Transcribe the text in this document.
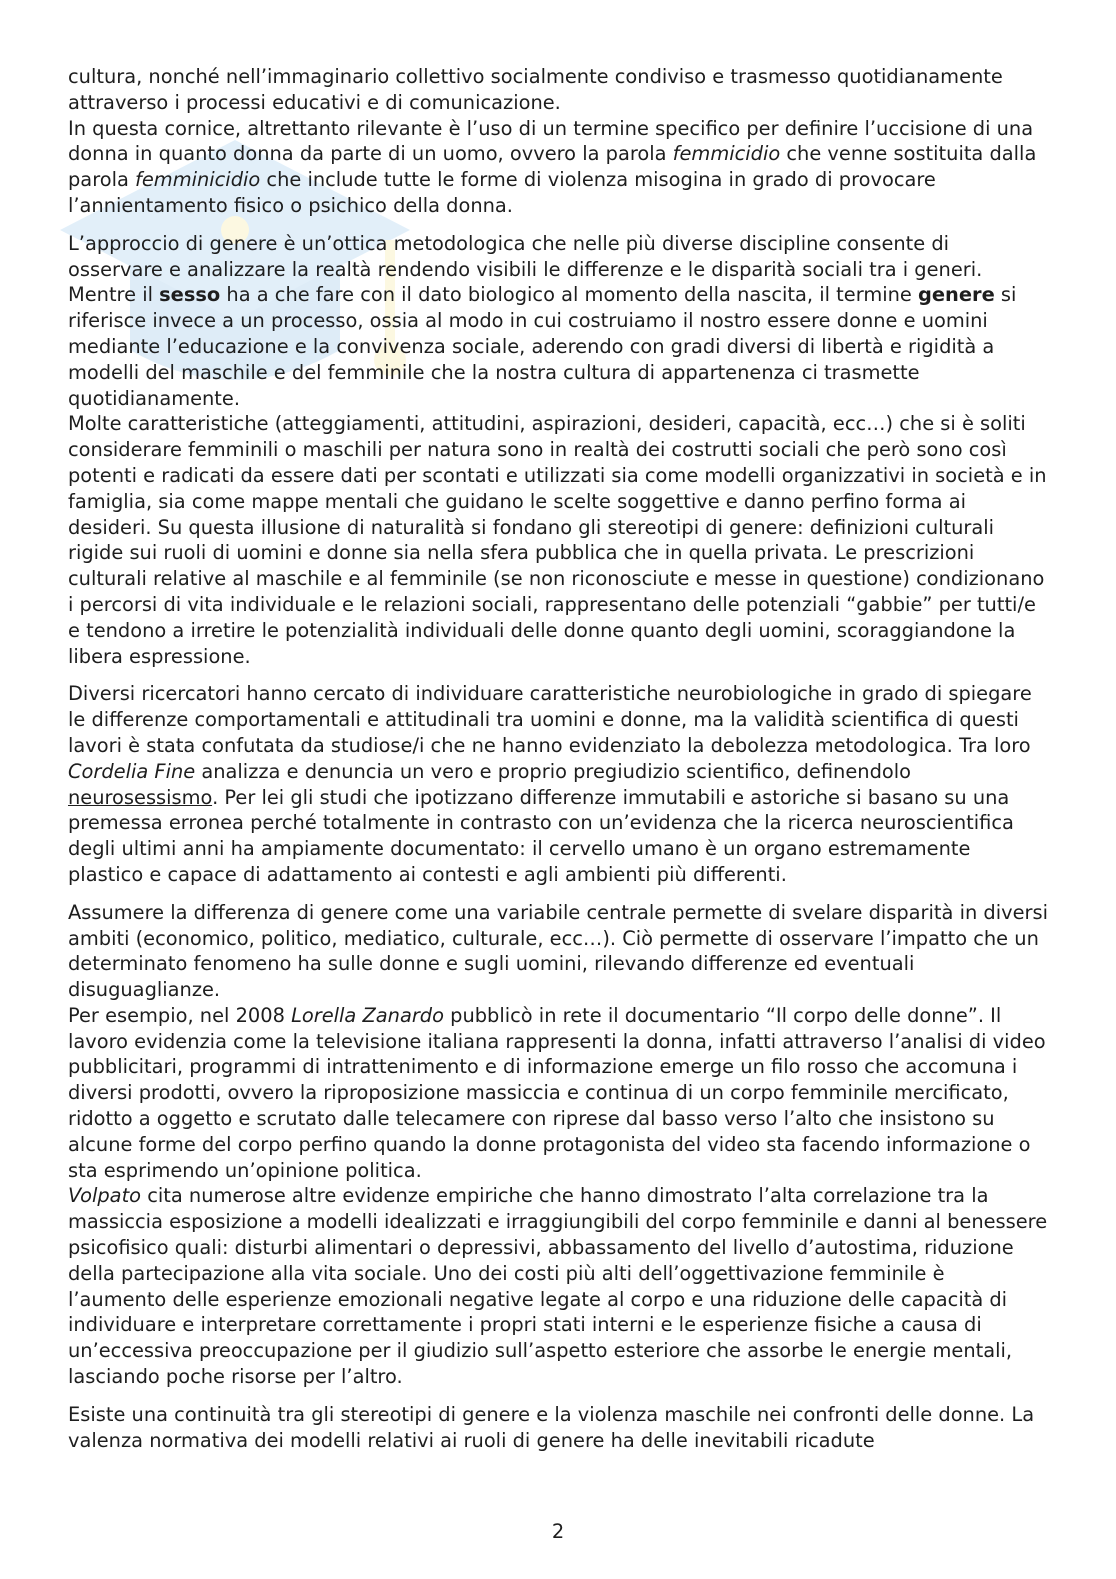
cultura, nonché nell’immaginario collettivo socialmente condiviso e trasmesso quotidianamente attraverso i processi educativi e di comunicazione.

In questa cornice, altrettanto rilevante è l’uso di un termine specifico per definire l’uccisione di una donna in quanto donna da parte di un uomo, ovvero la parola femmicidio che venne sostituita dalla parola femminicidio che include tutte le forme di violenza misogina in grado di provocare l’annientamento fisico o psichico della donna.

L’approccio di genere è un’ottica metodologica che nelle più diverse discipline consente di osservare e analizzare la realtà rendendo visibili le differenze e le disparità sociali tra i generi.

Mentre il sesso ha a che fare con il dato biologico al momento della nascita, il termine genere si riferisce invece a un processo, ossia al modo in cui costruiamo il nostro essere donne e uomini mediante l’educazione e la convivenza sociale, aderendo con gradi diversi di libertà e rigidità a modelli del maschile e del femminile che la nostra cultura di appartenenza ci trasmette quotidianamente.

Molte caratteristiche (atteggiamenti, attitudini, aspirazioni, desideri, capacità, ecc…) che si è soliti considerare femminili o maschili per natura sono in realtà dei costrutti sociali che però sono così potenti e radicati da essere dati per scontati e utilizzati sia come modelli organizzativi in società e in famiglia, sia come mappe mentali che guidano le scelte soggettive e danno perfino forma ai desideri. Su questa illusione di naturalità si fondano gli stereotipi di genere: definizioni culturali rigide sui ruoli di uomini e donne sia nella sfera pubblica che in quella privata. Le prescrizioni culturali relative al maschile e al femminile (se non riconosciute e messe in questione) condizionano i percorsi di vita individuale e le relazioni sociali, rappresentano delle potenziali “gabbie” per tutti/e e tendono a irretire le potenzialità individuali delle donne quanto degli uomini, scoraggiandone la libera espressione.

Diversi ricercatori hanno cercato di individuare caratteristiche neurobiologiche in grado di spiegare le differenze comportamentali e attitudinali tra uomini e donne, ma la validità scientifica di questi lavori è stata confutata da studiose/i che ne hanno evidenziato la debolezza metodologica. Tra loro Cordelia Fine analizza e denuncia un vero e proprio pregiudizio scientifico, definendolo neurosessismo. Per lei gli studi che ipotizzano differenze immutabili e astoriche si basano su una premessa erronea perché totalmente in contrasto con un’evidenza che la ricerca neuroscientifica degli ultimi anni ha ampiamente documentato: il cervello umano è un organo estremamente plastico e capace di adattamento ai contesti e agli ambienti più differenti.

Assumere la differenza di genere come una variabile centrale permette di svelare disparità in diversi ambiti (economico, politico, mediatico, culturale, ecc…). Ciò permette di osservare l’impatto che un determinato fenomeno ha sulle donne e sugli uomini, rilevando differenze ed eventuali disuguaglianze.

Per esempio, nel 2008 Lorella Zanardo pubblicò in rete il documentario “Il corpo delle donne”. Il lavoro evidenzia come la televisione italiana rappresenti la donna, infatti attraverso l’analisi di video pubblicitari, programmi di intrattenimento e di informazione emerge un filo rosso che accomuna i diversi prodotti, ovvero la riproposizione massiccia e continua di un corpo femminile mercificato, ridotto a oggetto e scrutato dalle telecamere con riprese dal basso verso l’alto che insistono su alcune forme del corpo perfino quando la donne protagonista del video sta facendo informazione o sta esprimendo un’opinione politica.

Volpato cita numerose altre evidenze empiriche che hanno dimostrato l’alta correlazione tra la massiccia esposizione a modelli idealizzati e irraggiungibili del corpo femminile e danni al benessere psicofisico quali: disturbi alimentari o depressivi, abbassamento del livello d’autostima, riduzione della partecipazione alla vita sociale. Uno dei costi più alti dell’oggettivazione femminile è l’aumento delle esperienze emozionali negative legate al corpo e una riduzione delle capacità di individuare e interpretare correttamente i propri stati interni e le esperienze fisiche a causa di un’eccessiva preoccupazione per il giudizio sull’aspetto esteriore che assorbe le energie mentali, lasciando poche risorse per l’altro.

Esiste una continuità tra gli stereotipi di genere e la violenza maschile nei confronti delle donne. La valenza normativa dei modelli relativi ai ruoli di genere ha delle inevitabili ricadute

2
